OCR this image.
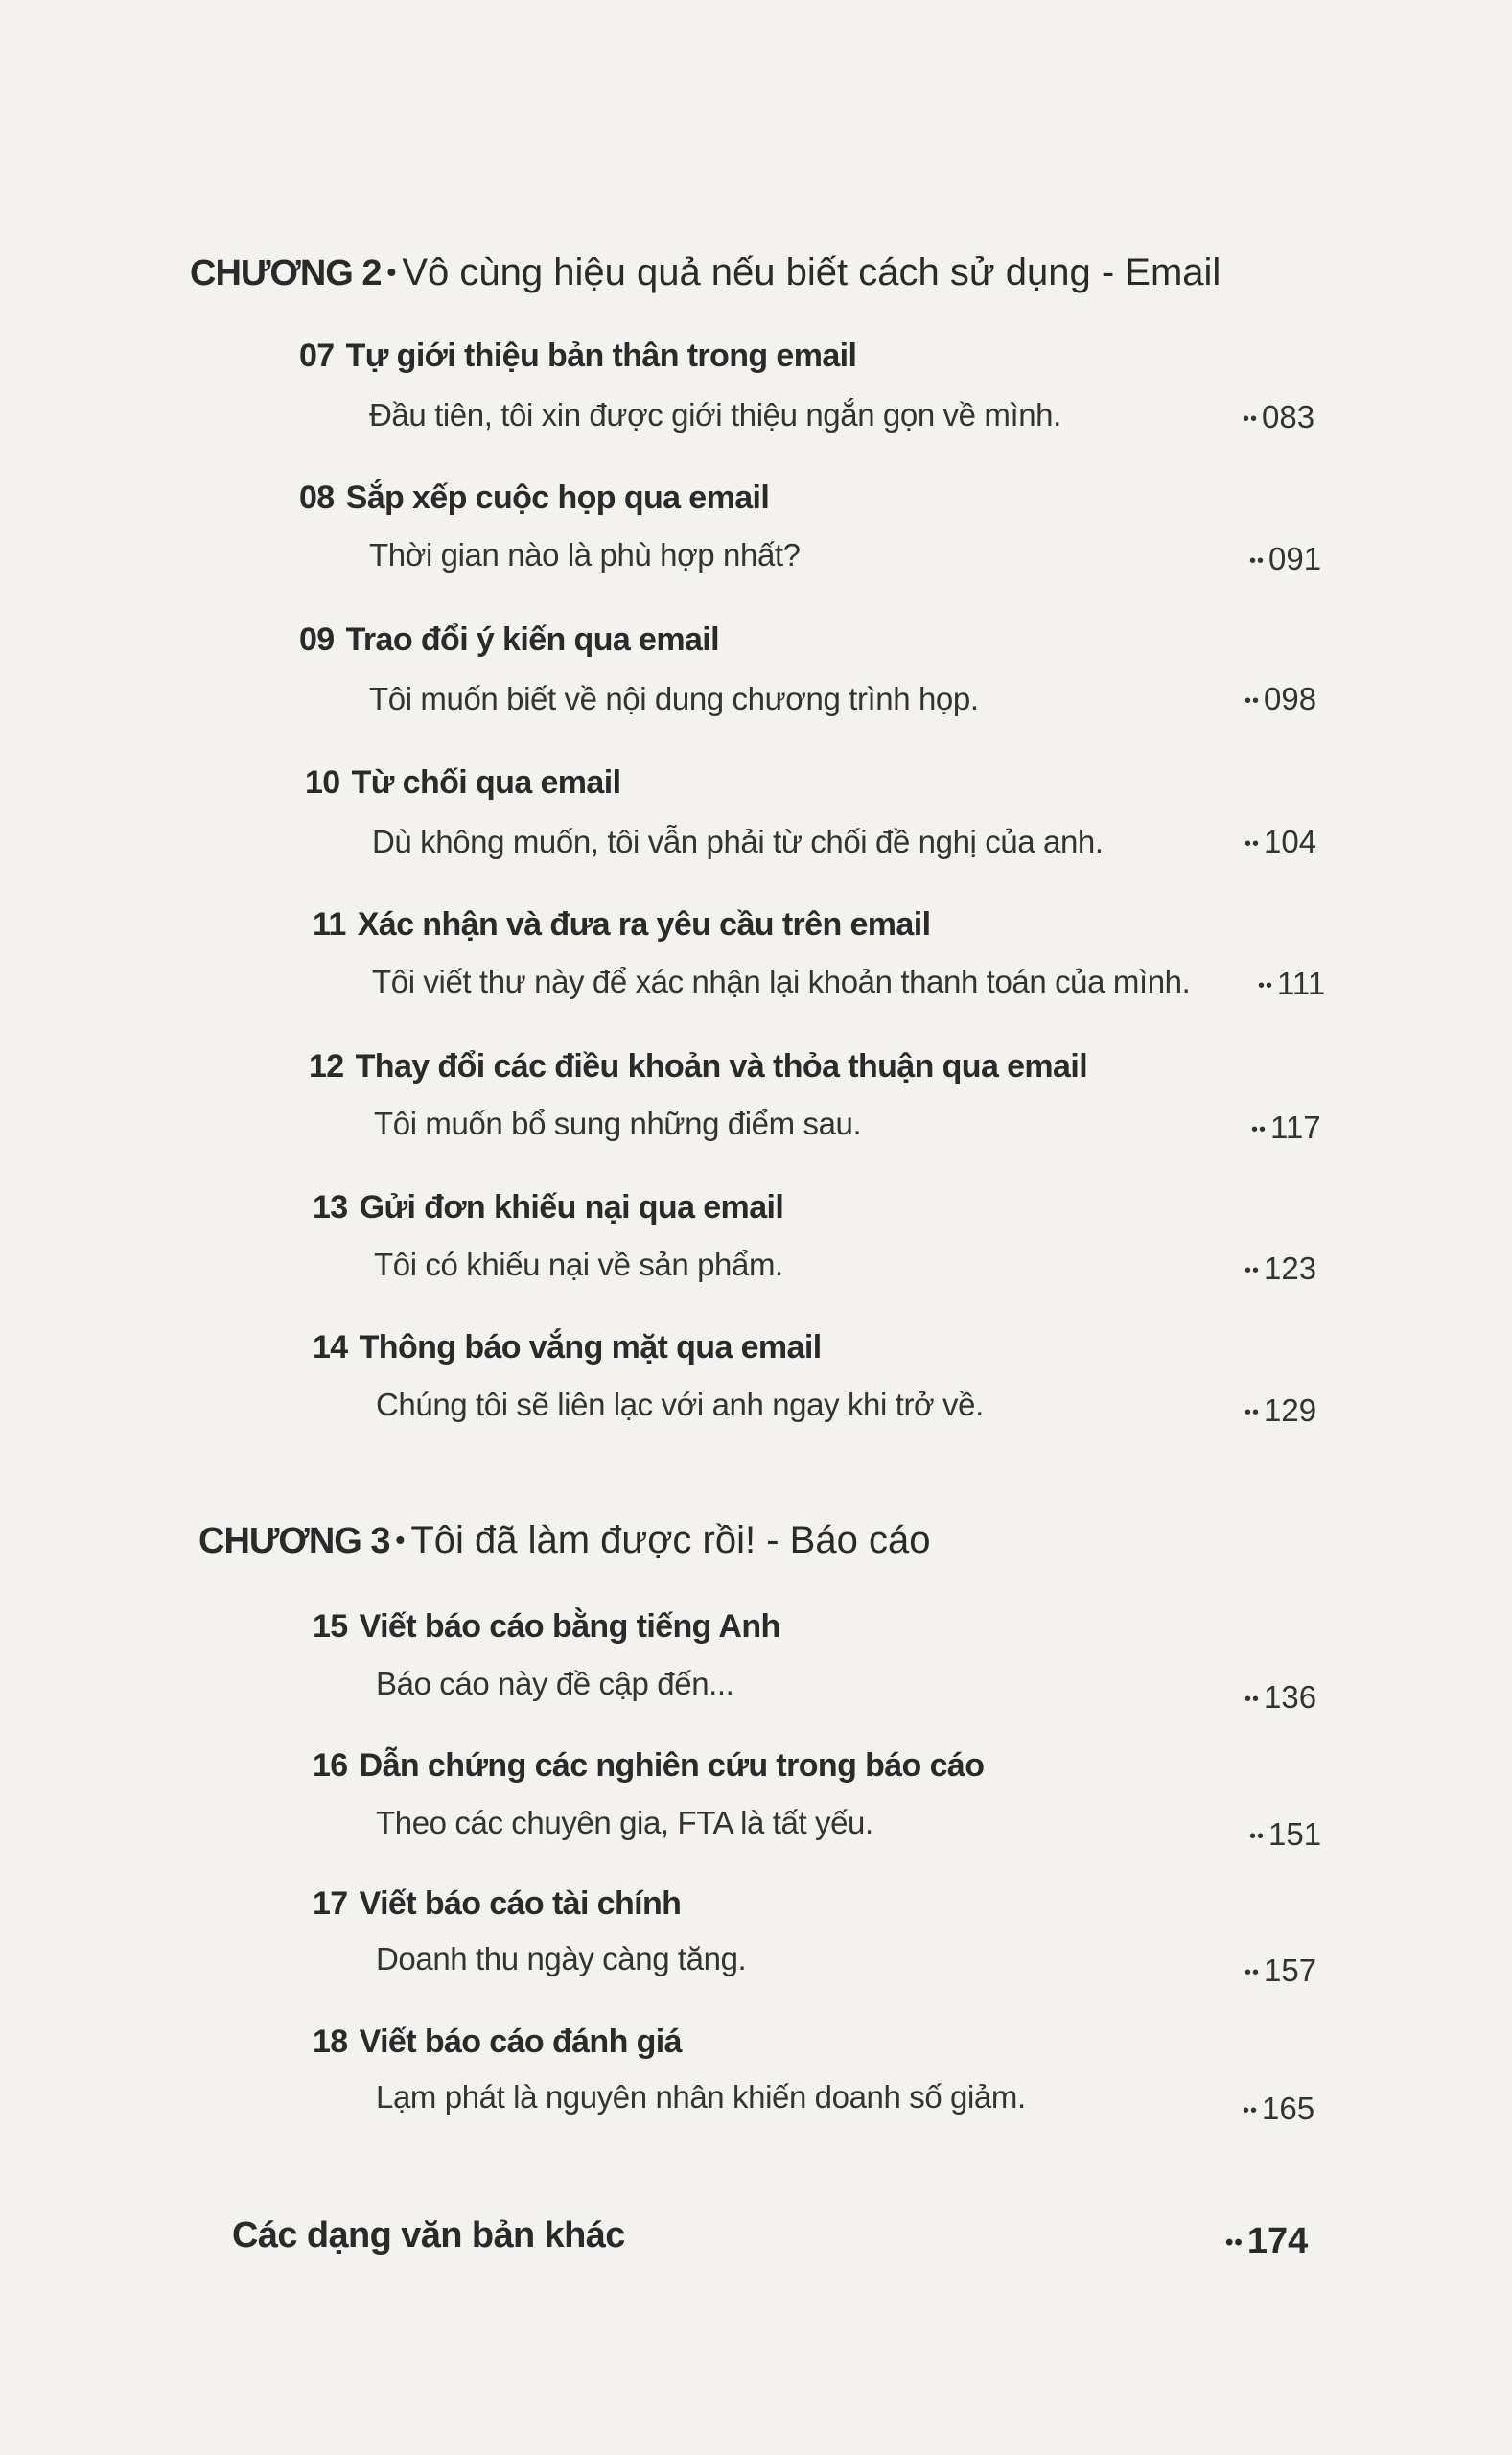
CHƯƠNG 2 • Vô cùng hiệu quả nếu biết cách sử dụng - Email
07 Tự giới thiệu bản thân trong email
Đầu tiên, tôi xin được giới thiệu ngắn gọn về mình.	•• 083
08 Sắp xếp cuộc họp qua email
Thời gian nào là phù hợp nhất?	•• 091
09 Trao đổi ý kiến qua email
Tôi muốn biết về nội dung chương trình họp.	•• 098
10 Từ chối qua email
Dù không muốn, tôi vẫn phải từ chối đề nghị của anh.	•• 104
11 Xác nhận và đưa ra yêu cầu trên email
Tôi viết thư này để xác nhận lại khoản thanh toán của mình.	•• 111
12 Thay đổi các điều khoản và thỏa thuận qua email
Tôi muốn bổ sung những điểm sau.	•• 117
13 Gửi đơn khiếu nại qua email
Tôi có khiếu nại về sản phẩm.	•• 123
14 Thông báo vắng mặt qua email
Chúng tôi sẽ liên lạc với anh ngay khi trở về.	•• 129
CHƯƠNG 3 • Tôi đã làm được rồi! - Báo cáo
15 Viết báo cáo bằng tiếng Anh
Báo cáo này đề cập đến...	•• 136
16 Dẫn chứng các nghiên cứu trong báo cáo
Theo các chuyên gia, FTA là tất yếu.	•• 151
17 Viết báo cáo tài chính
Doanh thu ngày càng tăng.	•• 157
18 Viết báo cáo đánh giá
Lạm phát là nguyên nhân khiến doanh số giảm.	•• 165
Các dạng văn bản khác	•• 174
